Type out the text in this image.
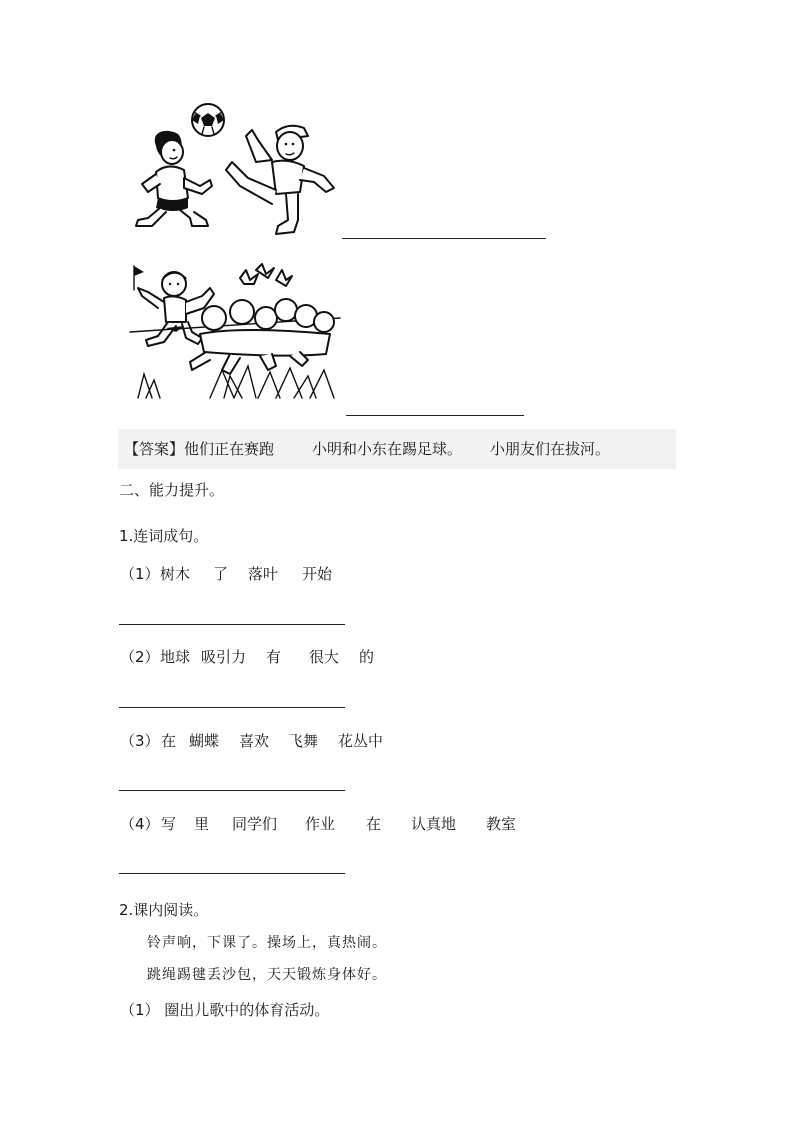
【答案】 他们正在赛跑	小明和小东在踢足球。 小朋友们在拔河。
二、能力提升。
1.连词成句。
（1） 树木 了 落叶 开始
（2） 地球 吸引力 有 很大 的
（3） 在 蝴蝶 喜欢 飞舞 花丛中
（4） 写 里 同学们 作业 在 认真地 教室
2.课内阅读。
铃声响，下课了。操场上，真热闹。
跳绳踢毽丢沙包，天天锻炼身体好。
（1） 圈出儿歌中的体育活动。
